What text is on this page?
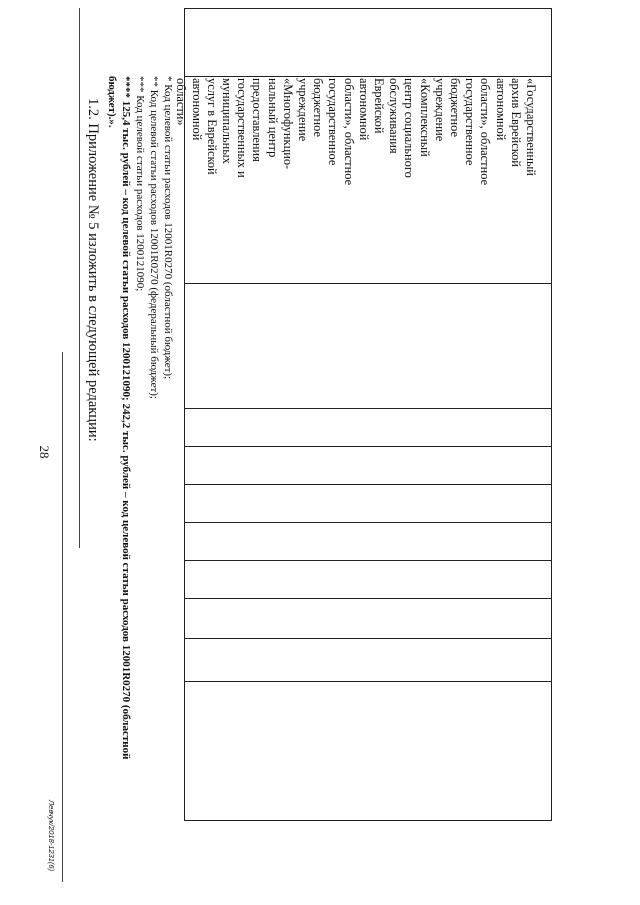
28
«Государственный
архив Еврейской
автономной
области», областное
государственное
бюджетное
учреждение
«Комплексный
центр социального
обслуживания
Еврейской
автономной
области», областное
государственное
бюджетное
учреждение
«Многофункцио-
нальный центр
предоставления
государственных и
муниципальных
услуг в Еврейской
автономной
области»
* Код целевой статьи расходов 12001R0270 (областной бюджет);
** Код целевой статьи расходов 12001R0270 (федеральный бюджет);
*** Код целевой статьи расходов 1200121090;
**** 125,4 тыс. рублей – код целевой статьи расходов 1200121090; 242,2 тыс. рублей – код целевой статьи расходов 12001R0270 (областной
бюджет).».
1.2. Приложение № 5 изложить в следующей редакции:
Левчук/2018-1231(6)
